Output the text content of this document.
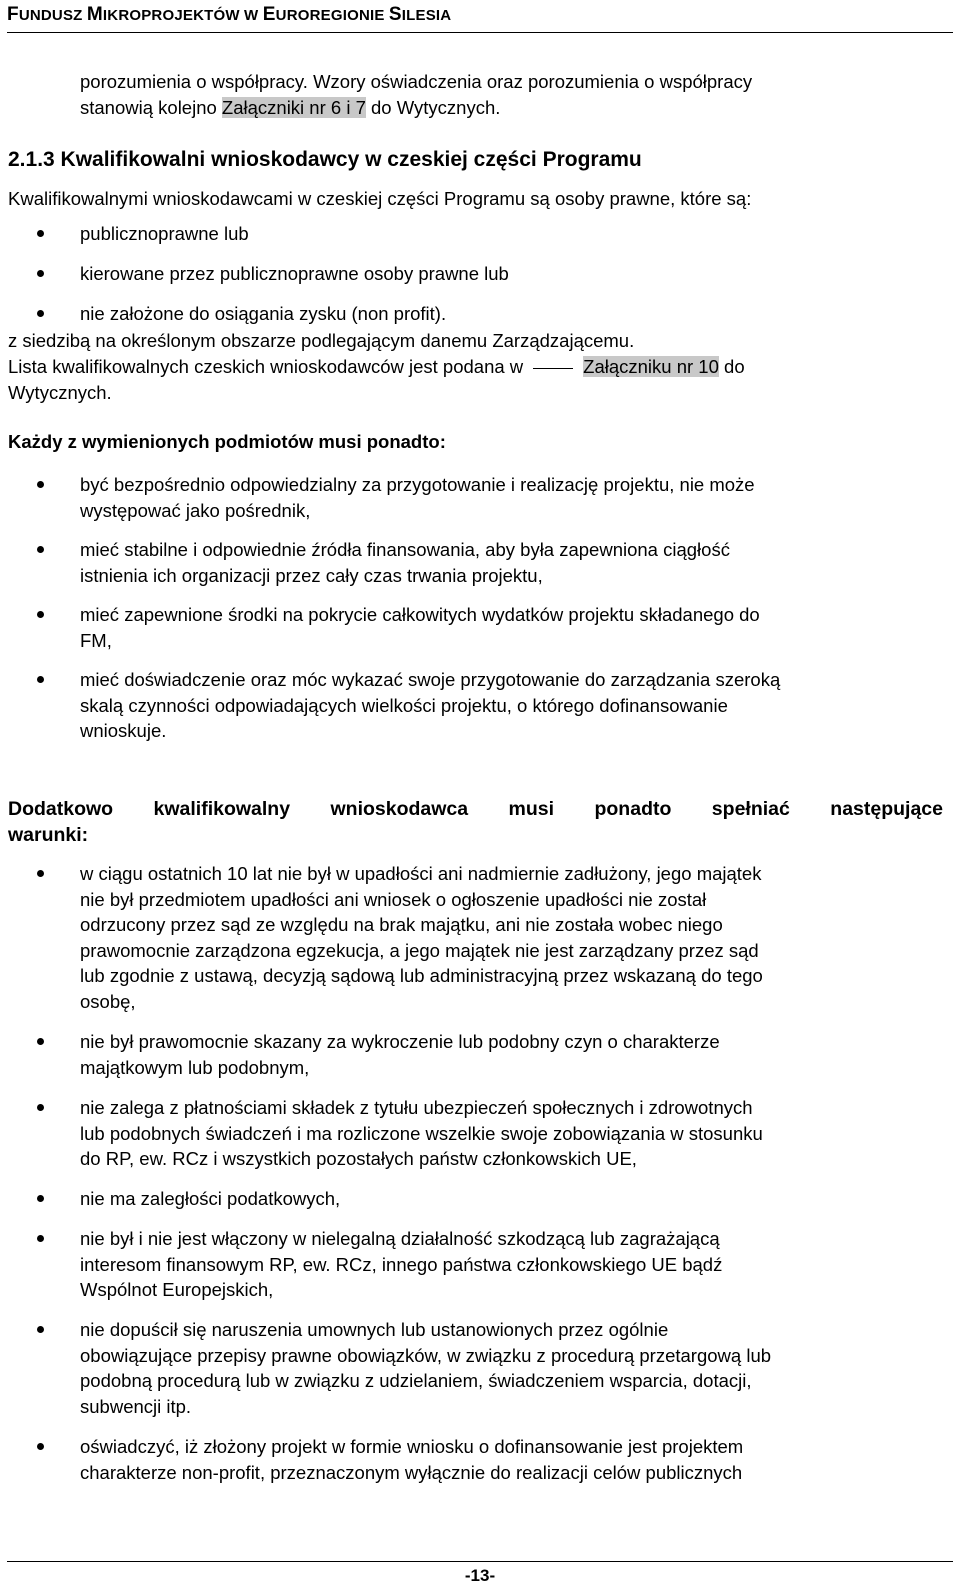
FUNDUSZ MIKROPROJEKTÓW W EUROREGIONIE SILESIA
porozumienia o współpracy. Wzory oświadczenia oraz porozumienia o współpracy
stanowią kolejno Załączniki nr 6 i 7 do Wytycznych.
2.1.3 Kwalifikowalni wnioskodawcy w czeskiej części Programu
Kwalifikowalnymi wnioskodawcami w czeskiej części Programu są osoby prawne, które są:
publicznoprawne lub
kierowane przez publicznoprawne osoby prawne lub
nie założone do osiągania zysku (non profit).
z siedzibą na określonym obszarze podlegającym danemu Zarządzającemu.
Lista kwalifikowalnych czeskich wnioskodawców jest podana w	Załączniku nr 10 do
Wytycznych.
Każdy z wymienionych podmiotów musi ponadto:
być bezpośrednio odpowiedzialny za przygotowanie i realizację projektu, nie może
występować jako pośrednik,
mieć stabilne i odpowiednie źródła finansowania, aby była zapewniona ciągłość
istnienia ich organizacji przez cały czas trwania projektu,
mieć zapewnione środki na pokrycie całkowitych wydatków projektu składanego do
FM,
mieć doświadczenie oraz móc wykazać swoje przygotowanie do zarządzania szeroką
skalą czynności odpowiadających wielkości projektu, o którego dofinansowanie
wnioskuje.
Dodatkowo kwalifikowalny wnioskodawca musi ponadto spełniać następujące
warunki:
w ciągu ostatnich 10 lat nie był w upadłości ani nadmiernie zadłużony, jego majątek
nie był przedmiotem upadłości ani wniosek o ogłoszenie upadłości nie został
odrzucony przez sąd ze względu na brak majątku, ani nie została wobec niego
prawomocnie zarządzona egzekucja, a jego majątek nie jest zarządzany przez sąd
lub zgodnie z ustawą, decyzją sądową lub administracyjną przez wskazaną do tego
osobę,
nie był prawomocnie skazany za wykroczenie lub podobny czyn o charakterze
majątkowym lub podobnym,
nie zalega z płatnościami składek z tytułu ubezpieczeń społecznych i zdrowotnych
lub podobnych świadczeń i ma rozliczone wszelkie swoje zobowiązania w stosunku
do RP, ew. RCz i wszystkich pozostałych państw członkowskich UE,
nie ma zaległości podatkowych,
nie był i nie jest włączony w nielegalną działalność szkodzącą lub zagrażającą
interesom finansowym RP, ew. RCz, innego państwa członkowskiego UE bądź
Wspólnot Europejskich,
nie dopuścił się naruszenia umownych lub ustanowionych przez ogólnie
obowiązujące przepisy prawne obowiązków, w związku z procedurą przetargową lub
podobną procedurą lub w związku z udzielaniem, świadczeniem wsparcia, dotacji,
subwencji itp.
oświadczyć, iż złożony projekt w formie wniosku o dofinansowanie jest projektem
charakterze non-profit, przeznaczonym wyłącznie do realizacji celów publicznych
-13-
